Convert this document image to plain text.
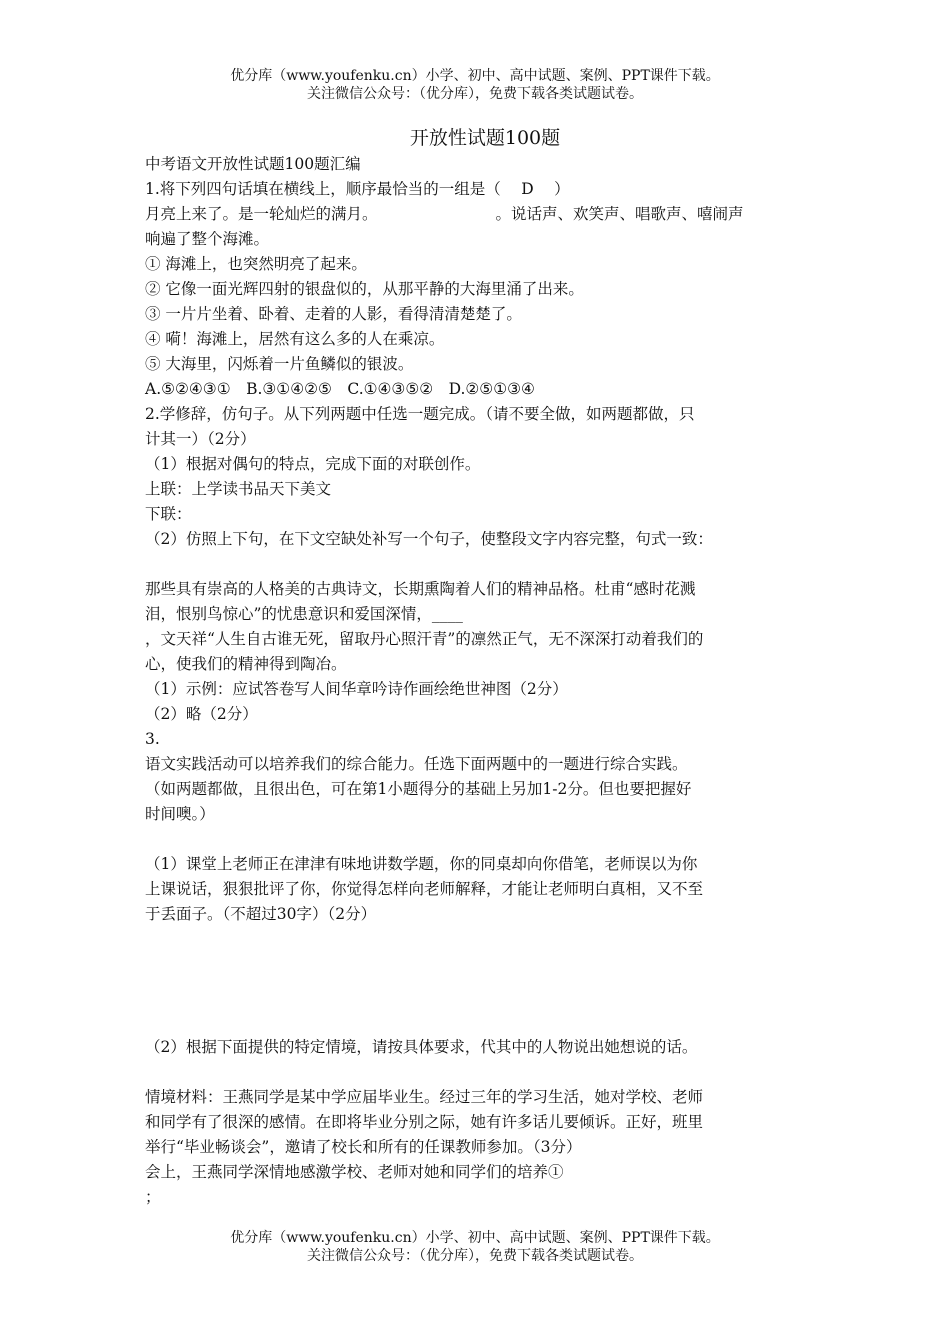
优分库（www.youfenku.cn）小学、初中、高中试题、案例、PPT课件下载。
关注微信公众号：（优分库），免费下载各类试题试卷。
开放性试题100题
中考语文开放性试题100题汇编
1.将下列四句话填在横线上，顺序最恰当的一组是（　 D　 ）
月亮上来了。是一轮灿烂的满月。	。说话声、欢笑声、唱歌声、嘻闹声
响遍了整个海滩。
① 海滩上，也突然明亮了起来。
② 它像一面光辉四射的银盘似的，从那平静的大海里涌了出来。
③ 一片片坐着、卧着、走着的人影，看得清清楚楚了。
④ 嗬！海滩上，居然有这么多的人在乘凉。
⑤ 大海里，闪烁着一片鱼鳞似的银波。
A.⑤②④③①　B.③①④②⑤　C.①④③⑤②　D.②⑤①③④
2.学修辞，仿句子。从下列两题中任选一题完成。（请不要全做，如两题都做，只
计其一）（2分）
（1）根据对偶句的特点，完成下面的对联创作。
上联：上学读书品天下美文
下联：
（2）仿照上下句，在下文空缺处补写一个句子，使整段文字内容完整，句式一致：
那些具有崇高的人格美的古典诗文，长期熏陶着人们的精神品格。杜甫“感时花溅
泪，恨别鸟惊心”的忧患意识和爱国深情，____
，文天祥“人生自古谁无死，留取丹心照汗青”的凛然正气，无不深深打动着我们的
心，使我们的精神得到陶冶。
（1）示例：应试答卷写人间华章吟诗作画绘绝世神图（2分）
（2）略（2分）
3.
语文实践活动可以培养我们的综合能力。任选下面两题中的一题进行综合实践。
（如两题都做，且很出色，可在第1小题得分的基础上另加1-2分。但也要把握好
时间噢。）
（1）课堂上老师正在津津有味地讲数学题，你的同桌却向你借笔，老师误以为你
上课说话，狠狠批评了你，你觉得怎样向老师解释，才能让老师明白真相，又不至
于丢面子。（不超过30字）（2分）
（2）根据下面提供的特定情境，请按具体要求，代其中的人物说出她想说的话。
情境材料：王燕同学是某中学应届毕业生。经过三年的学习生活，她对学校、老师
和同学有了很深的感情。在即将毕业分别之际，她有许多话儿要倾诉。正好，班里
举行“毕业畅谈会”，邀请了校长和所有的任课教师参加。（3分）
会上，王燕同学深情地感激学校、老师对她和同学们的培养①
；
优分库（www.youfenku.cn）小学、初中、高中试题、案例、PPT课件下载。
关注微信公众号：（优分库），免费下载各类试题试卷。
